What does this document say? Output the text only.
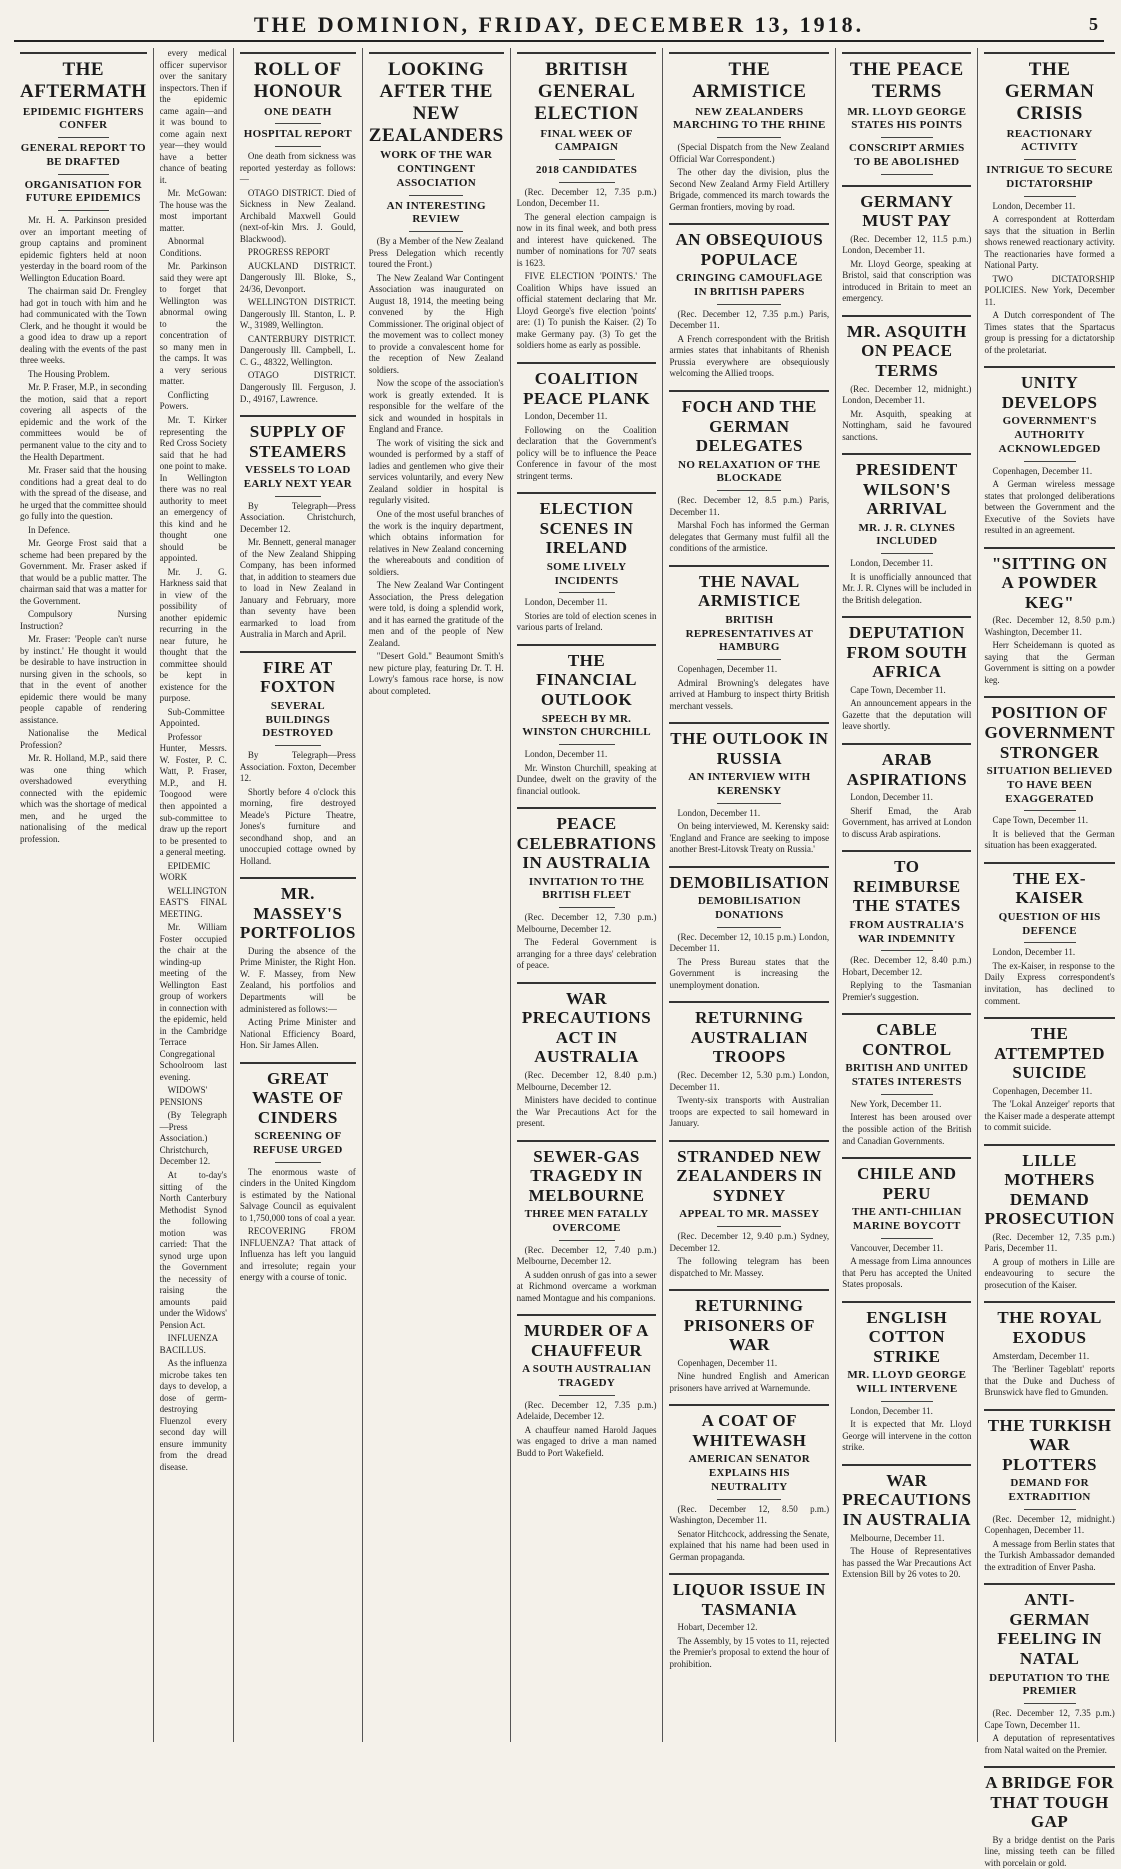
THE DOMINION, FRIDAY, DECEMBER 13, 1918.	5
THE AFTERMATH
EPIDEMIC FIGHTERS CONFER
GENERAL REPORT TO BE DRAFTED
ORGANISATION FOR FUTURE EPIDEMICS

Mr. H. A. Parkinson presided over an important meeting of group captains and prominent epidemic fighters held at noon yesterday in the board room of the Wellington Education Board.

The chairman said Dr. Frengley had got in touch with him and he had communicated with the Town Clerk, and he thought it would be a good idea to draw up a report dealing with the events of the past three weeks.

The Housing Problem.

Mr. P. Fraser, M.P., in seconding the motion, said that a report covering all aspects of the epidemic and the work of the committees would be of permanent value to the city and to the Health Department.

Mr. Fraser said that the housing conditions had a great deal to do with the spread of the disease, and he urged that the committee should go fully into the question.

In Defence.

Mr. George Frost said that a scheme had been prepared by the Government. Mr. Fraser asked if that would be a public matter. The chairman said that was a matter for the Government.

Compulsory Nursing Instruction?

Mr. Fraser: 'People can't nurse by instinct.' He thought it would be desirable to have instruction in nursing given in the schools, so that in the event of another epidemic there would be many people capable of rendering assistance.

Nationalise the Medical Profession?

Mr. R. Holland, M.P., said there was one thing which overshadowed everything connected with the epidemic which was the shortage of medical men, and he urged the nationalising of the medical profession.

every medical officer supervisor over the sanitary inspectors. Then if the epidemic came again—and it was bound to come again next year—they would have a better chance of beating it.

Mr. McGowan: The house was the most important matter.

Abnormal Conditions.

Mr. Parkinson said they were apt to forget that Wellington was abnormal owing to the concentration of so many men in the camps. It was a very serious matter.

Conflicting Powers.

Mr. T. Kirker representing the Red Cross Society said that he had one point to make. In Wellington there was no real authority to meet an emergency of this kind and he thought one should be appointed.

Mr. J. G. Harkness said that in view of the possibility of another epidemic recurring in the near future, he thought that the committee should be kept in existence for the purpose.

Sub-Committee Appointed.

Professor Hunter, Messrs. W. Foster, P. C. Watt, P. Fraser, M.P., and H. Toogood were then appointed a sub-committee to draw up the report to be presented to a general meeting.

EPIDEMIC WORK

WELLINGTON EAST'S FINAL MEETING.

Mr. William Foster occupied the chair at the winding-up meeting of the Wellington East group of workers in connection with the epidemic, held in the Cambridge Terrace Congregational Schoolroom last evening.

WIDOWS' PENSIONS

(By Telegraph—Press Association.) Christchurch, December 12.

At to-day's sitting of the North Canterbury Methodist Synod the following motion was carried: That the synod urge upon the Government the necessity of raising the amounts paid under the Widows' Pension Act.

INFLUENZA BACILLUS.

As the influenza microbe takes ten days to develop, a dose of germ-destroying Fluenzol every second day will ensure immunity from the dread disease.

ROLL OF HONOUR
ONE DEATH
HOSPITAL REPORT

One death from sickness was reported yesterday as follows:—

OTAGO DISTRICT. Died of Sickness in New Zealand. Archibald Maxwell Gould (next-of-kin Mrs. J. Gould, Blackwood).

PROGRESS REPORT

AUCKLAND DISTRICT. Dangerously Ill. Bloke, S., 24/36, Devonport.

WELLINGTON DISTRICT. Dangerously Ill. Stanton, L. P. W., 31989, Wellington.

CANTERBURY DISTRICT. Dangerously Ill. Campbell, L. C. G., 48322, Wellington.

OTAGO DISTRICT. Dangerously Ill. Ferguson, J. D., 49167, Lawrence.

SUPPLY OF STEAMERS
VESSELS TO LOAD EARLY NEXT YEAR

By Telegraph—Press Association. Christchurch, December 12.

Mr. Bennett, general manager of the New Zealand Shipping Company, has been informed that, in addition to steamers due to load in New Zealand in January and February, more than seventy have been earmarked to load from Australia in March and April.

FIRE AT FOXTON
SEVERAL BUILDINGS DESTROYED

By Telegraph—Press Association. Foxton, December 12.

Shortly before 4 o'clock this morning, fire destroyed Meade's Picture Theatre, Jones's furniture and secondhand shop, and an unoccupied cottage owned by Holland.

MR. MASSEY'S PORTFOLIOS

During the absence of the Prime Minister, the Right Hon. W. F. Massey, from New Zealand, his portfolios and Departments will be administered as follows:—

Acting Prime Minister and National Efficiency Board, Hon. Sir James Allen.

GREAT WASTE OF CINDERS
SCREENING OF REFUSE URGED

The enormous waste of cinders in the United Kingdom is estimated by the National Salvage Council as equivalent to 1,750,000 tons of coal a year.

RECOVERING FROM INFLUENZA? That attack of Influenza has left you languid and irresolute; regain your energy with a course of tonic.

LOOKING AFTER THE NEW ZEALANDERS
WORK OF THE WAR CONTINGENT ASSOCIATION
AN INTERESTING REVIEW

(By a Member of the New Zealand Press Delegation which recently toured the Front.)

The New Zealand War Contingent Association was inaugurated on August 18, 1914, the meeting being convened by the High Commissioner. The original object of the movement was to collect money to provide a convalescent home for the reception of New Zealand soldiers.

Now the scope of the association's work is greatly extended. It is responsible for the welfare of the sick and wounded in hospitals in England and France.

The work of visiting the sick and wounded is performed by a staff of ladies and gentlemen who give their services voluntarily, and every New Zealand soldier in hospital is regularly visited.

One of the most useful branches of the work is the inquiry department, which obtains information for relatives in New Zealand concerning the whereabouts and condition of soldiers.

The New Zealand War Contingent Association, the Press delegation were told, is doing a splendid work, and it has earned the gratitude of the men and of the people of New Zealand.

"Desert Gold." Beaumont Smith's new picture play, featuring Dr. T. H. Lowry's famous race horse, is now about completed.

BRITISH GENERAL ELECTION
FINAL WEEK OF CAMPAIGN
2018 CANDIDATES

(Rec. December 12, 7.35 p.m.) London, December 11.

The general election campaign is now in its final week, and both press and interest have quickened. The number of nominations for 707 seats is 1623.

FIVE ELECTION 'POINTS.' The Coalition Whips have issued an official statement declaring that Mr. Lloyd George's five election 'points' are: (1) To punish the Kaiser. (2) To make Germany pay. (3) To get the soldiers home as early as possible.

COALITION PEACE PLANK

London, December 11.

Following on the Coalition declaration that the Government's policy will be to influence the Peace Conference in favour of the most stringent terms.

ELECTION SCENES IN IRELAND
SOME LIVELY INCIDENTS

London, December 11.

Stories are told of election scenes in various parts of Ireland.

THE FINANCIAL OUTLOOK
SPEECH BY MR. WINSTON CHURCHILL

London, December 11.

Mr. Winston Churchill, speaking at Dundee, dwelt on the gravity of the financial outlook.

PEACE CELEBRATIONS IN AUSTRALIA
INVITATION TO THE BRITISH FLEET

(Rec. December 12, 7.30 p.m.) Melbourne, December 12.

The Federal Government is arranging for a three days' celebration of peace.

WAR PRECAUTIONS ACT IN AUSTRALIA

(Rec. December 12, 8.40 p.m.) Melbourne, December 12.

Ministers have decided to continue the War Precautions Act for the present.

SEWER-GAS TRAGEDY IN MELBOURNE
THREE MEN FATALLY OVERCOME

(Rec. December 12, 7.40 p.m.) Melbourne, December 12.

A sudden onrush of gas into a sewer at Richmond overcame a workman named Montague and his companions.

MURDER OF A CHAUFFEUR
A SOUTH AUSTRALIAN TRAGEDY

(Rec. December 12, 7.35 p.m.) Adelaide, December 12.

A chauffeur named Harold Jaques was engaged to drive a man named Budd to Port Wakefield.

THE ARMISTICE
NEW ZEALANDERS MARCHING TO THE RHINE

(Special Dispatch from the New Zealand Official War Correspondent.)

The other day the division, plus the Second New Zealand Army Field Artillery Brigade, commenced its march towards the German frontiers, moving by road.

AN OBSEQUIOUS POPULACE
CRINGING CAMOUFLAGE IN BRITISH PAPERS

(Rec. December 12, 7.35 p.m.) Paris, December 11.

A French correspondent with the British armies states that inhabitants of Rhenish Prussia everywhere are obsequiously welcoming the Allied troops.

FOCH AND THE GERMAN DELEGATES
NO RELAXATION OF THE BLOCKADE

(Rec. December 12, 8.5 p.m.) Paris, December 11.

Marshal Foch has informed the German delegates that Germany must fulfil all the conditions of the armistice.

THE NAVAL ARMISTICE
BRITISH REPRESENTATIVES AT HAMBURG

Copenhagen, December 11.

Admiral Browning's delegates have arrived at Hamburg to inspect thirty British merchant vessels.

THE OUTLOOK IN RUSSIA
AN INTERVIEW WITH KERENSKY

London, December 11.

On being interviewed, M. Kerensky said: 'England and France are seeking to impose another Brest-Litovsk Treaty on Russia.'

DEMOBILISATION
DEMOBILISATION DONATIONS

(Rec. December 12, 10.15 p.m.) London, December 11.

The Press Bureau states that the Government is increasing the unemployment donation.

RETURNING AUSTRALIAN TROOPS

(Rec. December 12, 5.30 p.m.) London, December 11.

Twenty-six transports with Australian troops are expected to sail homeward in January.

STRANDED NEW ZEALANDERS IN SYDNEY
APPEAL TO MR. MASSEY

(Rec. December 12, 9.40 p.m.) Sydney, December 12.

The following telegram has been dispatched to Mr. Massey.

RETURNING PRISONERS OF WAR

Copenhagen, December 11.

Nine hundred English and American prisoners have arrived at Warnemunde.

A COAT OF WHITEWASH
AMERICAN SENATOR EXPLAINS HIS NEUTRALITY

(Rec. December 12, 8.50 p.m.) Washington, December 11.

Senator Hitchcock, addressing the Senate, explained that his name had been used in German propaganda.

LIQUOR ISSUE IN TASMANIA

Hobart, December 12.

The Assembly, by 15 votes to 11, rejected the Premier's proposal to extend the hour of prohibition.

THE PEACE TERMS
MR. LLOYD GEORGE STATES HIS POINTS
CONSCRIPT ARMIES TO BE ABOLISHED
GERMANY MUST PAY

(Rec. December 12, 11.5 p.m.) London, December 11.

Mr. Lloyd George, speaking at Bristol, said that conscription was introduced in Britain to meet an emergency.

MR. ASQUITH ON PEACE TERMS

(Rec. December 12, midnight.) London, December 11.

Mr. Asquith, speaking at Nottingham, said he favoured sanctions.

PRESIDENT WILSON'S ARRIVAL
MR. J. R. CLYNES INCLUDED

London, December 11.

It is unofficially announced that Mr. J. R. Clynes will be included in the British delegation.

DEPUTATION FROM SOUTH AFRICA

Cape Town, December 11.

An announcement appears in the Gazette that the deputation will leave shortly.

ARAB ASPIRATIONS

London, December 11.

Sherif Emad, the Arab Government, has arrived at London to discuss Arab aspirations.

TO REIMBURSE THE STATES
FROM AUSTRALIA'S WAR INDEMNITY

(Rec. December 12, 8.40 p.m.) Hobart, December 12.

Replying to the Tasmanian Premier's suggestion.

CABLE CONTROL
BRITISH AND UNITED STATES INTERESTS

New York, December 11.

Interest has been aroused over the possible action of the British and Canadian Governments.

CHILE AND PERU
THE ANTI-CHILIAN MARINE BOYCOTT

Vancouver, December 11.

A message from Lima announces that Peru has accepted the United States proposals.

ENGLISH COTTON STRIKE
MR. LLOYD GEORGE WILL INTERVENE

London, December 11.

It is expected that Mr. Lloyd George will intervene in the cotton strike.

WAR PRECAUTIONS IN AUSTRALIA

Melbourne, December 11.

The House of Representatives has passed the War Precautions Act Extension Bill by 26 votes to 20.

THE GERMAN CRISIS
REACTIONARY ACTIVITY
INTRIGUE TO SECURE DICTATORSHIP

London, December 11.

A correspondent at Rotterdam says that the situation in Berlin shows renewed reactionary activity. The reactionaries have formed a National Party.

TWO DICTATORSHIP POLICIES. New York, December 11.

A Dutch correspondent of The Times states that the Spartacus group is pressing for a dictatorship of the proletariat.

UNITY DEVELOPS
GOVERNMENT'S AUTHORITY ACKNOWLEDGED

Copenhagen, December 11.

A German wireless message states that prolonged deliberations between the Government and the Executive of the Soviets have resulted in an agreement.

"SITTING ON A POWDER KEG"

(Rec. December 12, 8.50 p.m.) Washington, December 11.

Herr Scheidemann is quoted as saying that the German Government is sitting on a powder keg.

POSITION OF GOVERNMENT STRONGER
SITUATION BELIEVED TO HAVE BEEN EXAGGERATED

Cape Town, December 11.

It is believed that the German situation has been exaggerated.

THE EX-KAISER
QUESTION OF HIS DEFENCE

London, December 11.

The ex-Kaiser, in response to the Daily Express correspondent's invitation, has declined to comment.

THE ATTEMPTED SUICIDE

Copenhagen, December 11.

The 'Lokal Anzeiger' reports that the Kaiser made a desperate attempt to commit suicide.

LILLE MOTHERS DEMAND PROSECUTION

(Rec. December 12, 7.35 p.m.) Paris, December 11.

A group of mothers in Lille are endeavouring to secure the prosecution of the Kaiser.

THE ROYAL EXODUS

Amsterdam, December 11.

The 'Berliner Tageblatt' reports that the Duke and Duchess of Brunswick have fled to Gmunden.

THE TURKISH WAR PLOTTERS
DEMAND FOR EXTRADITION

(Rec. December 12, midnight.) Copenhagen, December 11.

A message from Berlin states that the Turkish Ambassador demanded the extradition of Enver Pasha.

ANTI-GERMAN FEELING IN NATAL
DEPUTATION TO THE PREMIER

(Rec. December 12, 7.35 p.m.) Cape Town, December 11.

A deputation of representatives from Natal waited on the Premier.

A BRIDGE FOR THAT TOUGH GAP

By a bridge dentist on the Paris line, missing teeth can be filled with porcelain or gold.
